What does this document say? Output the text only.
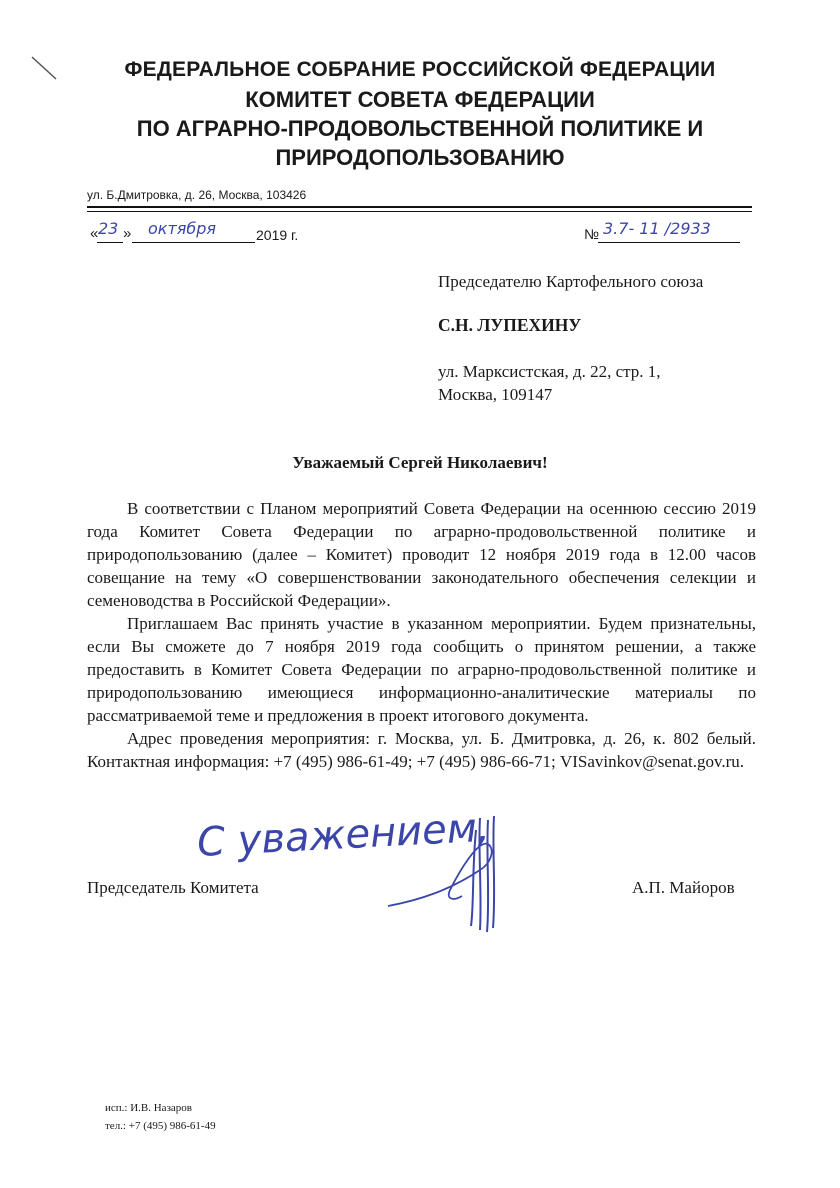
ФЕДЕРАЛЬНОЕ СОБРАНИЕ РОССИЙСКОЙ ФЕДЕРАЦИИ
КОМИТЕТ СОВЕТА ФЕДЕРАЦИИ
ПО АГРАРНО-ПРОДОВОЛЬСТВЕННОЙ ПОЛИТИКЕ И
ПРИРОДОПОЛЬЗОВАНИЮ
ул. Б.Дмитровка, д. 26, Москва, 103426
« 23 » октября	2019 г.	№ 3.7- 11 /2933
Председателю Картофельного союза
С.Н. ЛУПЕХИНУ
ул. Марксистская, д. 22, стр. 1,
Москва, 109147
Уважаемый Сергей Николаевич!

В соответствии с Планом мероприятий Совета Федерации на осеннюю сессию 2019 года Комитет Совета Федерации по аграрно-продовольственной политике и природопользованию (далее – Комитет) проводит 12 ноября 2019 года в 12.00 часов совещание на тему «О совершенствовании законодательного обеспечения селекции и семеноводства в Российской Федерации».

Приглашаем Вас принять участие в указанном мероприятии. Будем признательны, если Вы сможете до 7 ноября 2019 года сообщить о принятом решении, а также предоставить в Комитет Совета Федерации по аграрно-продовольственной политике и природопользованию имеющиеся информационно-аналитические материалы по рассматриваемой теме и предложения в проект итогового документа.

Адрес проведения мероприятия: г. Москва, ул. Б. Дмитровка, д. 26, к. 802 белый. Контактная информация: +7 (495) 986-61-49; +7 (495) 986-66-71; VISavinkov@senat.gov.ru.

С уважением,
Председатель Комитета	А.П. Майоров
исп.: И.В. Назаров
тел.: +7 (495) 986-61-49
